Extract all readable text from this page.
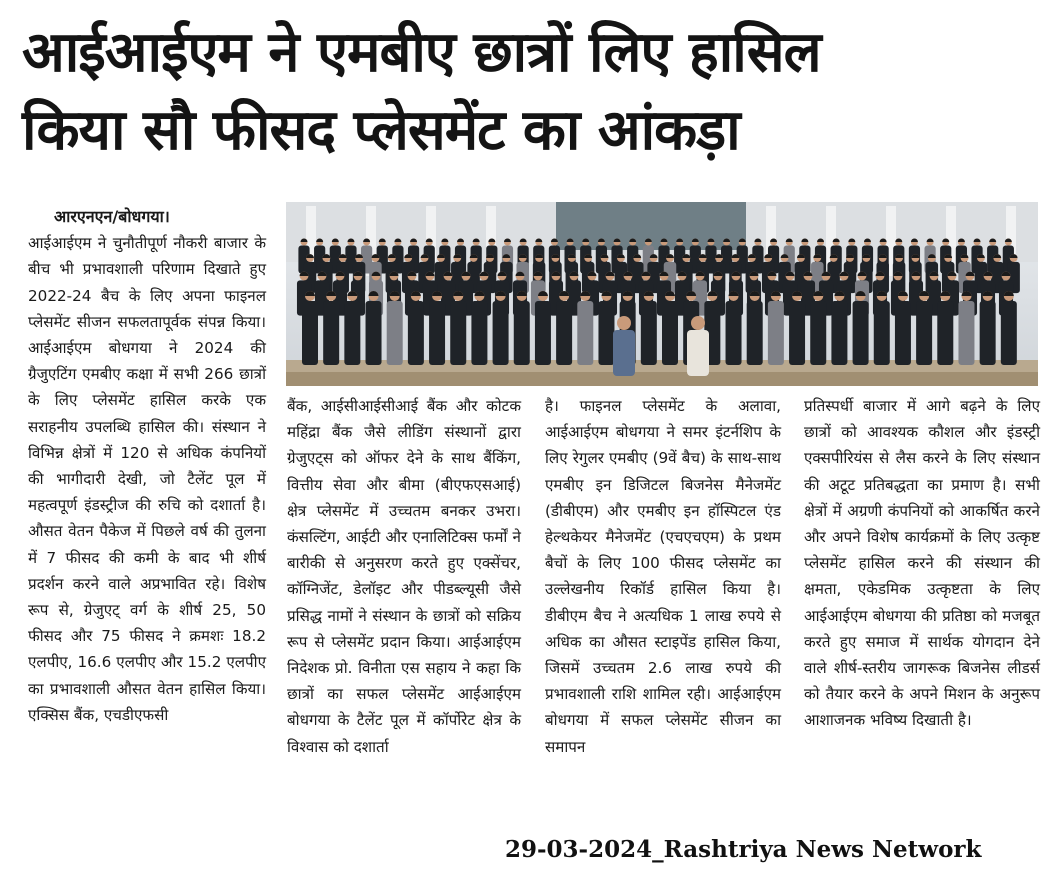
आईआईएम ने एमबीए छात्रों लिए हासिल
किया सौ फीसद प्लेसमेंट का आंकड़ा

आरएनएन/बोधगया।

आईआईएम ने चुनौतीपूर्ण नौकरी बाजार के बीच भी प्रभावशाली परिणाम दिखाते हुए 2022-24 बैच के लिए अपना फाइनल प्लेसमेंट सीजन सफलतापूर्वक संपन्न किया। आईआईएम बोधगया ने 2024 की ग्रैजुएटिंग एमबीए कक्षा में सभी 266 छात्रों के लिए प्लेसमेंट हासिल करके एक सराहनीय उपलब्धि हासिल की। संस्थान ने विभिन्न क्षेत्रों में 120 से अधिक कंपनियों की भागीदारी देखी, जो टैलेंट पूल में महत्वपूर्ण इंडस्ट्रीज की रुचि को दशार्ता है। औसत वेतन पैकेज में पिछले वर्ष की तुलना में 7 फीसद की कमी के बाद भी शीर्ष प्रदर्शन करने वाले अप्रभावित रहे। विशेष रूप से, ग्रेजुएट् वर्ग के शीर्ष 25, 50 फीसद और 75 फीसद ने क्रमशः 18.2 एलपीए, 16.6 एलपीए और 15.2 एलपीए का प्रभावशाली औसत वेतन हासिल किया। एक्सिस बैंक, एचडीएफसी

बैंक, आईसीआईसीआई बैंक और कोटक महिंद्रा बैंक जैसे लीडिंग संस्थानों द्वारा ग्रेजुएट्स को ऑफर देने के साथ बैंकिंग, वित्तीय सेवा और बीमा (बीएफएसआई) क्षेत्र प्लेसमेंट में उच्चतम बनकर उभरा। कंसल्टिंग, आईटी और एनालिटिक्स फर्मों ने बारीकी से अनुसरण करते हुए एक्सेंचर, कॉग्निजेंट, डेलॉइट और पीडब्ल्यूसी जैसे प्रसिद्ध नामों ने संस्थान के छात्रों को सक्रिय रूप से प्लेसमेंट प्रदान किया। आईआईएम निदेशक प्रो. विनीता एस सहाय ने कहा कि छात्रों का सफल प्लेसमेंट आईआईएम बोधगया के टैलेंट पूल में कॉर्पोरेट क्षेत्र के विश्वास को दशार्ता

है। फाइनल प्लेसमेंट के अलावा, आईआईएम बोधगया ने समर इंटर्नशिप के लिए रेगुलर एमबीए (9वें बैच) के साथ-साथ एमबीए इन डिजिटल बिजनेस मैनेजमेंट (डीबीएम) और एमबीए इन हॉस्पिटल एंड हेल्थकेयर मैनेजमेंट (एचएचएम) के प्रथम बैचों के लिए 100 फीसद प्लेसमेंट का उल्लेखनीय रिकॉर्ड हासिल किया है। डीबीएम बैच ने अत्यधिक 1 लाख रुपये से अधिक का औसत स्टाइपेंड हासिल किया, जिसमें उच्चतम 2.6 लाख रुपये की प्रभावशाली राशि शामिल रही। आईआईएम बोधगया में सफल प्लेसमेंट सीजन का समापन

प्रतिस्पर्धी बाजार में आगे बढ़ने के लिए छात्रों को आवश्यक कौशल और इंडस्ट्री एक्सपीरियंस से लैस करने के लिए संस्थान की अटूट प्रतिबद्धता का प्रमाण है। सभी क्षेत्रों में अग्रणी कंपनियों को आकर्षित करने और अपने विशेष कार्यक्रमों के लिए उत्कृष्ट प्लेसमेंट हासिल करने की संस्थान की क्षमता, एकेडमिक उत्कृष्टता के लिए आईआईएम बोधगया की प्रतिष्ठा को मजबूत करते हुए समाज में सार्थक योगदान देने वाले शीर्ष-स्तरीय जागरूक बिजनेस लीडर्स को तैयार करने के अपने मिशन के अनुरूप आशाजनक भविष्य दिखाती है।

29-03-2024_Rashtriya News Network
